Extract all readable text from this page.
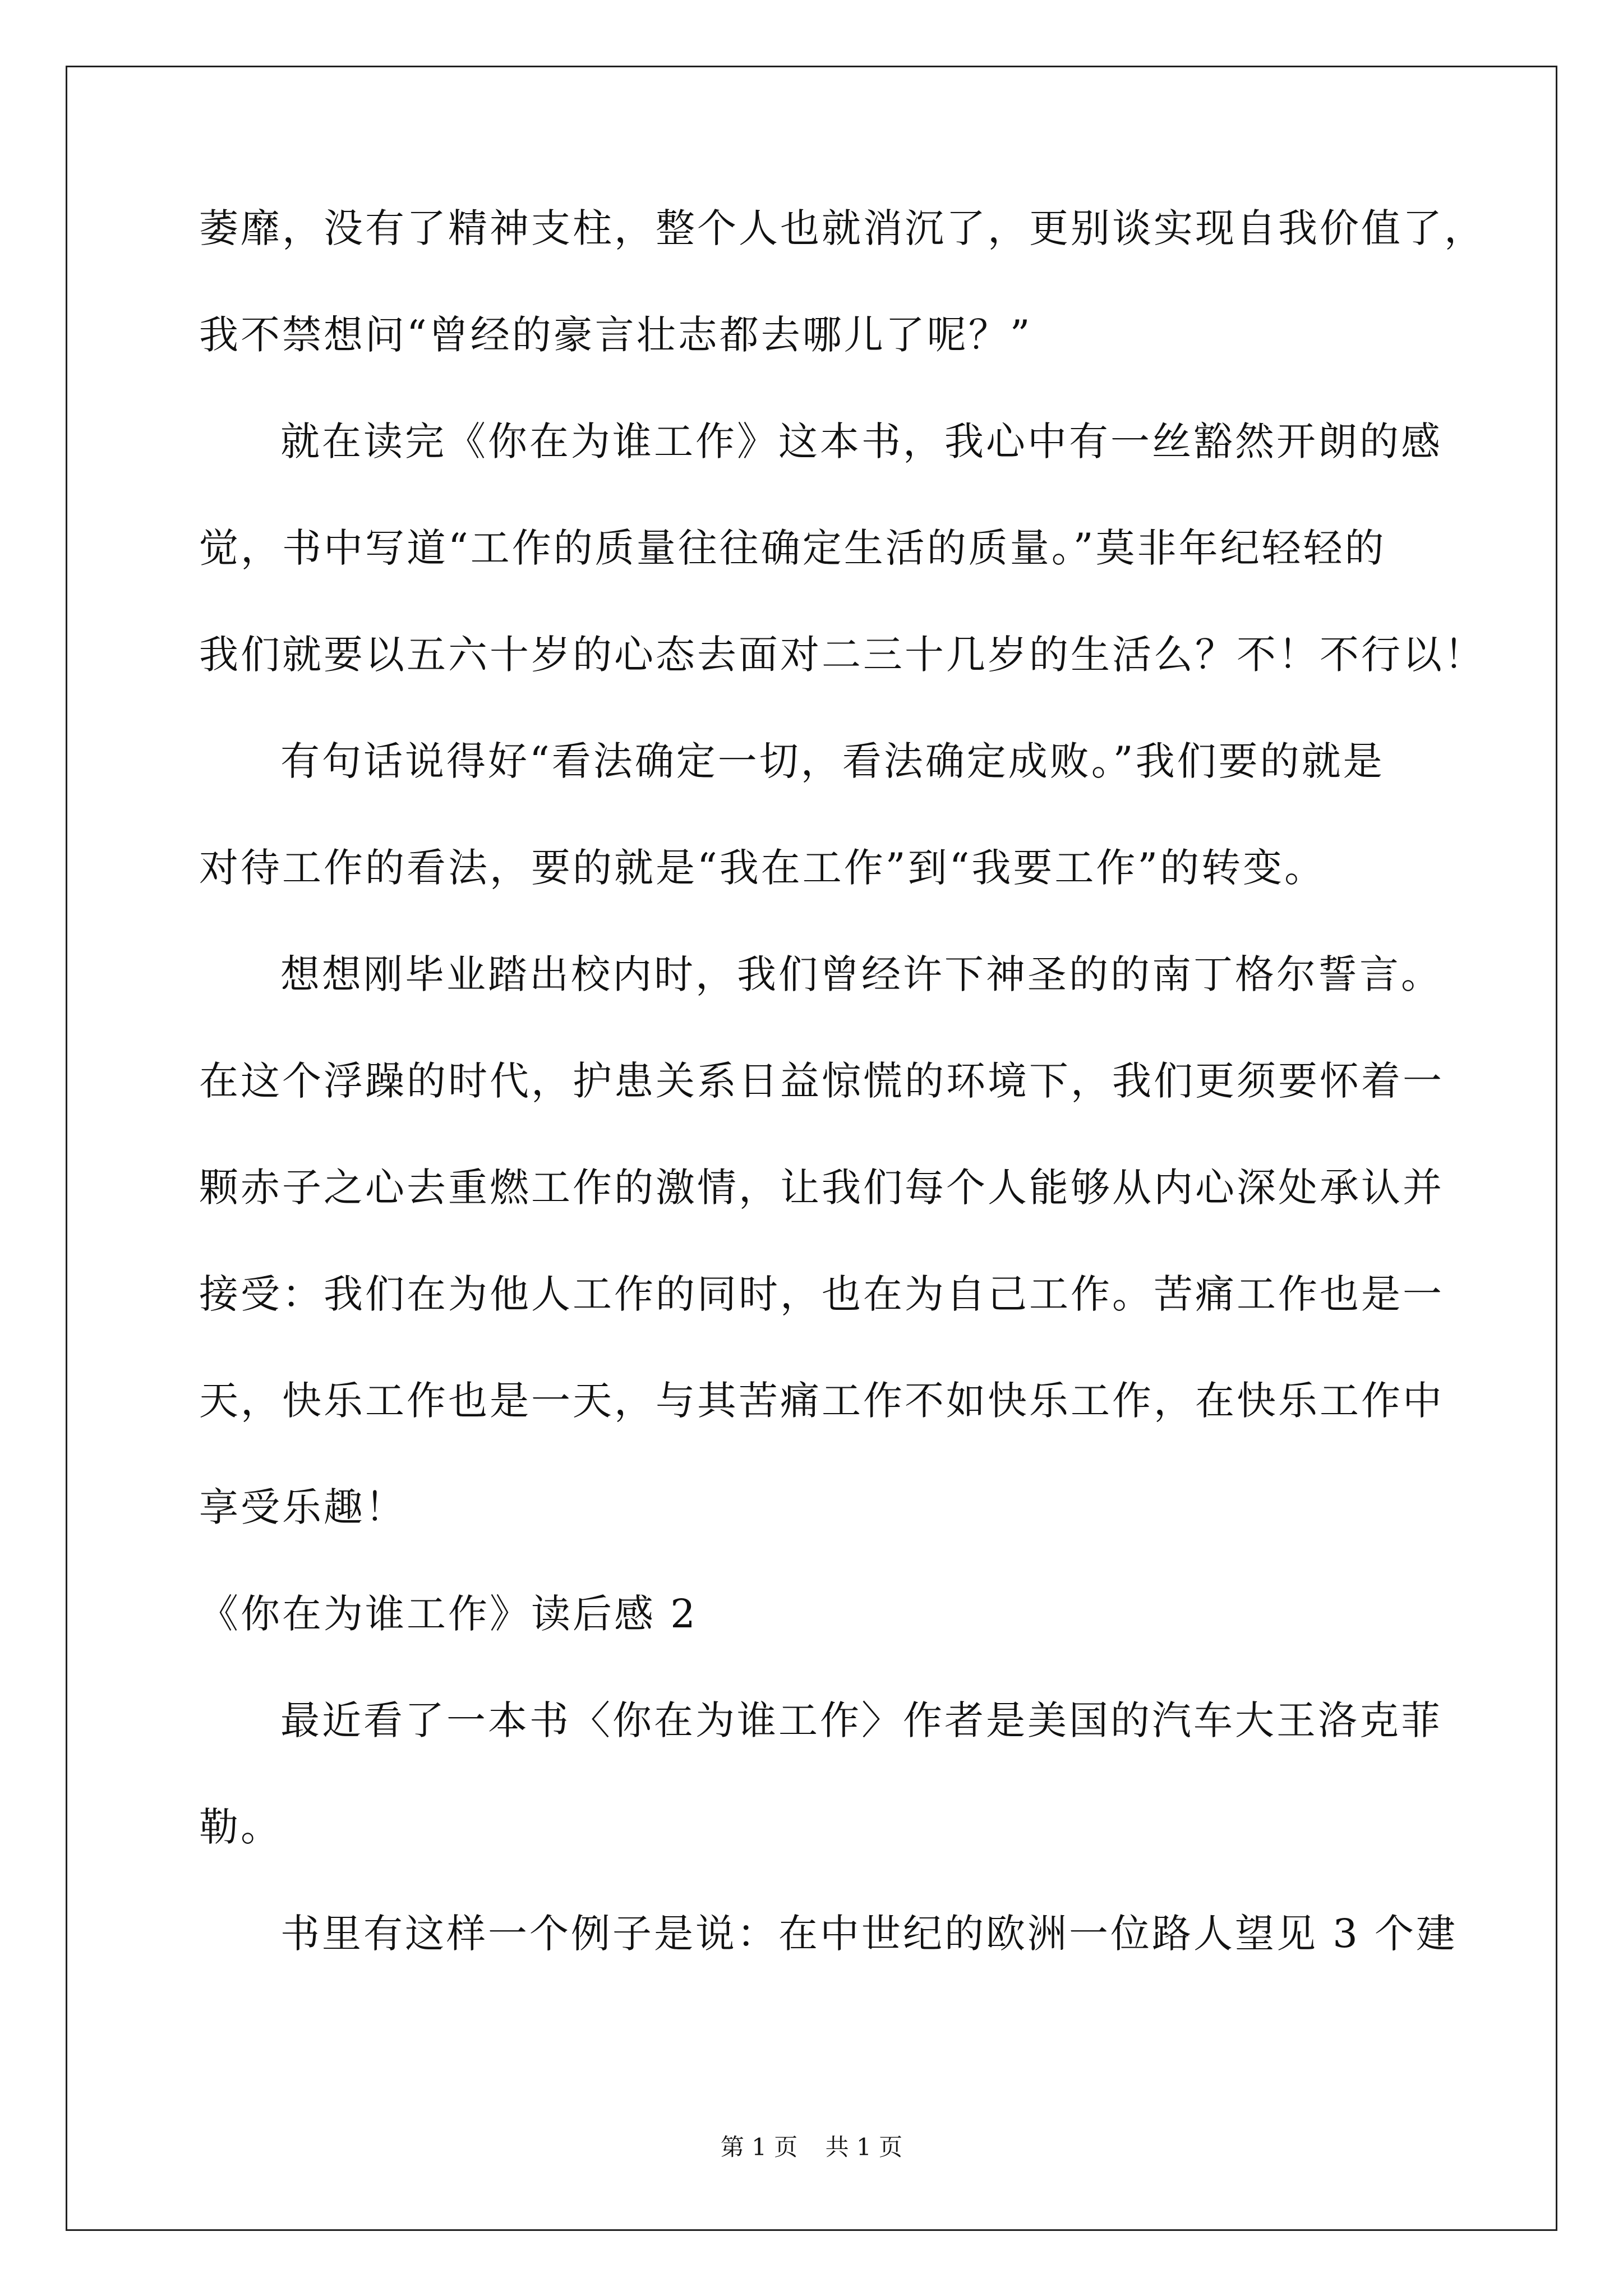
萎靡，没有了精神支柱，整个人也就消沉了，更别谈实现自我价值了，
我不禁想问“曾经的豪言壮志都去哪儿了呢？”
就在读完《你在为谁工作》这本书，我心中有一丝豁然开朗的感
觉，书中写道“工作的质量往往确定生活的质量。”莫非年纪轻轻的
我们就要以五六十岁的心态去面对二三十几岁的生活么？不！不行以！
有句话说得好“看法确定一切，看法确定成败。”我们要的就是
对待工作的看法，要的就是“我在工作”到“我要工作”的转变。
想想刚毕业踏出校内时，我们曾经许下神圣的的南丁格尔誓言。
在这个浮躁的时代，护患关系日益惊慌的环境下，我们更须要怀着一
颗赤子之心去重燃工作的激情，让我们每个人能够从内心深处承认并
接受：我们在为他人工作的同时，也在为自己工作。苦痛工作也是一
天，快乐工作也是一天，与其苦痛工作不如快乐工作，在快乐工作中
享受乐趣！
《你在为谁工作》读后感 2
最近看了一本书〈你在为谁工作〉作者是美国的汽车大王洛克菲
勒。
书里有这样一个例子是说：在中世纪的欧洲一位路人望见 3 个建
第 1 页 共 1 页
